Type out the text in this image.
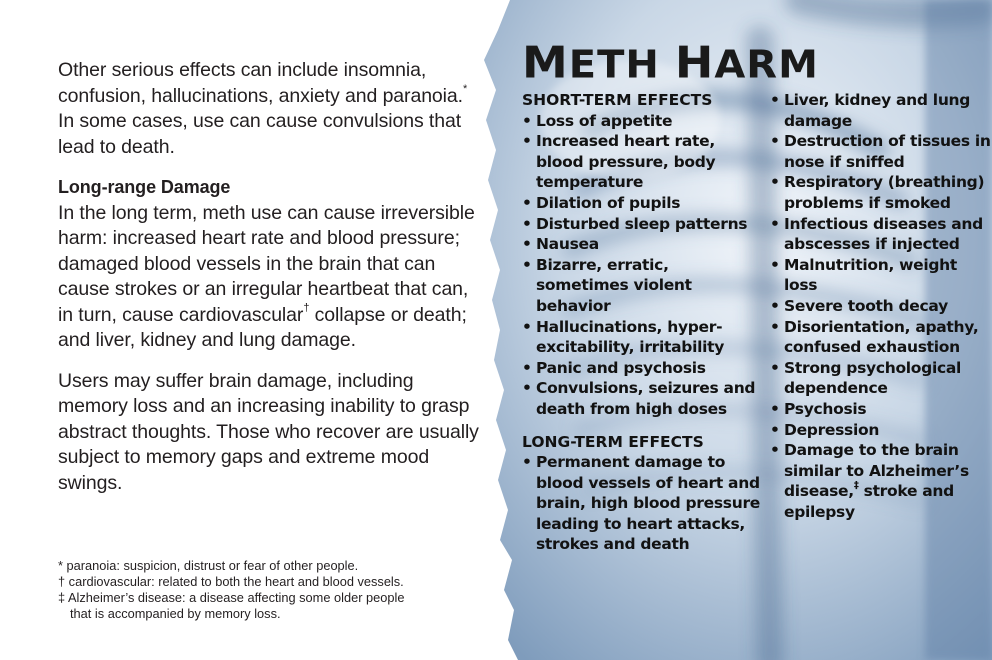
Other serious effects can include insomnia, confusion, hallucinations, anxiety and paranoia.* In some cases, use can cause convulsions that lead to death.

Long-range Damage
In the long term, meth use can cause irreversible harm: increased heart rate and blood pressure; damaged blood vessels in the brain that can cause strokes or an irregular heartbeat that can, in turn, cause cardiovascular† collapse or death; and liver, kidney and lung damage.

Users may suffer brain damage, including memory loss and an increasing inability to grasp abstract thoughts. Those who recover are usually subject to memory gaps and extreme mood swings.

* paranoia: suspicion, distrust or fear of other people.
† cardiovascular: related to both the heart and blood vessels.
‡ Alzheimer’s disease: a disease affecting some older people
that is accompanied by memory loss.
METH HARM
SHORT-TERM EFFECTS
• Loss of appetite
• Increased heart rate, blood pressure, body temperature
• Dilation of pupils
• Disturbed sleep patterns
• Nausea
• Bizarre, erratic, sometimes violent behavior
• Hallucinations, hyper-excitability, irritability
• Panic and psychosis
• Convulsions, seizures and death from high doses
LONG-TERM EFFECTS
• Permanent damage to blood vessels of heart and brain, high blood pressure leading to heart attacks, strokes and death
• Liver, kidney and lung damage
• Destruction of tissues in nose if sniffed
• Respiratory (breathing) problems if smoked
• Infectious diseases and abscesses if injected
• Malnutrition, weight loss
• Severe tooth decay
• Disorientation, apathy, confused exhaustion
• Strong psychological dependence
• Psychosis
• Depression
• Damage to the brain similar to Alzheimer’s disease,‡ stroke and epilepsy
